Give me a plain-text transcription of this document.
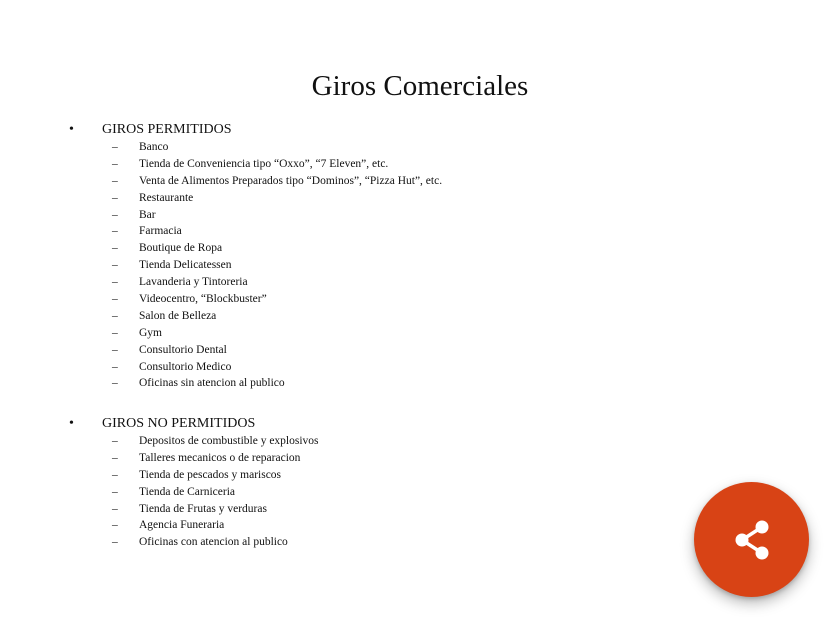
Giros Comerciales
• GIROS PERMITIDOS
– Banco
– Tienda de Conveniencia tipo “Oxxo”, “7 Eleven”, etc.
– Venta de Alimentos Preparados tipo “Dominos”, “Pizza Hut”, etc.
– Restaurante
– Bar
– Farmacia
– Boutique de Ropa
– Tienda Delicatessen
– Lavanderia y Tintoreria
– Videocentro, “Blockbuster”
– Salon de Belleza
– Gym
– Consultorio Dental
– Consultorio Medico
– Oficinas sin atencion al publico
• GIROS NO PERMITIDOS
– Depositos de combustible y explosivos
– Talleres mecanicos o de reparacion
– Tienda de pescados y mariscos
– Tienda de Carniceria
– Tienda de Frutas y verduras
– Agencia Funeraria
– Oficinas con atencion al publico
